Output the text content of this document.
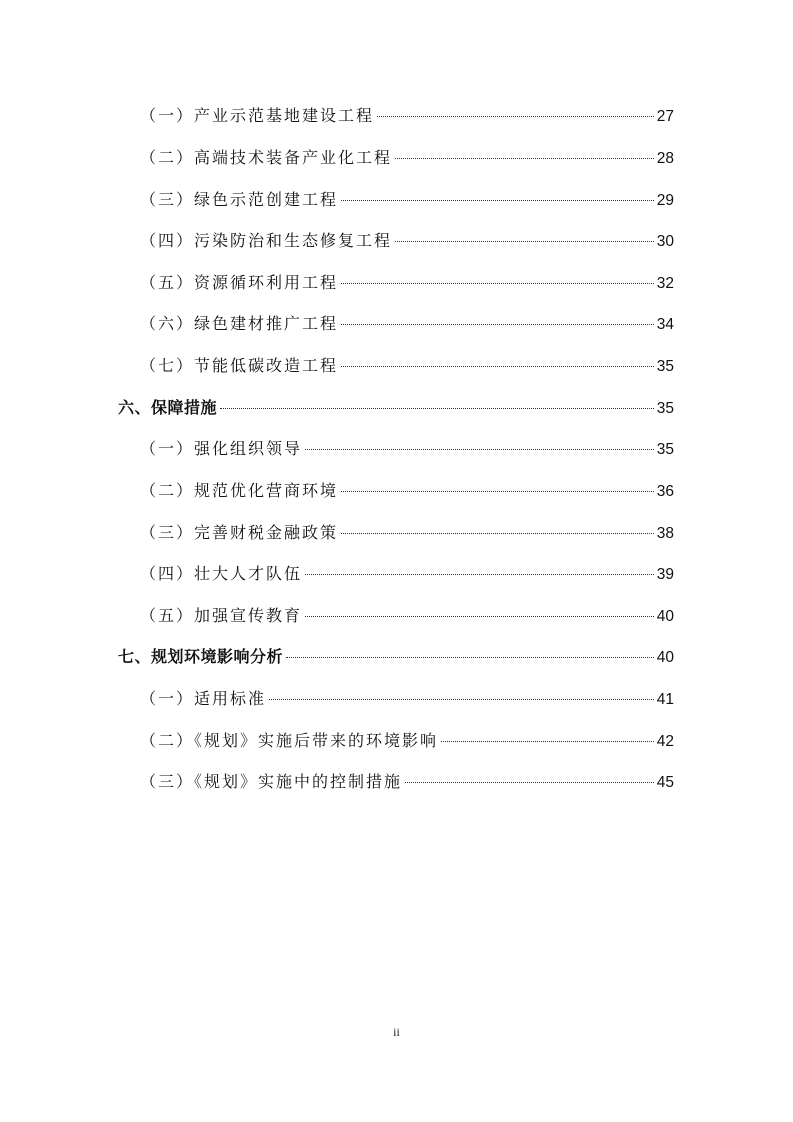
（一）产业示范基地建设工程	27
（二）高端技术装备产业化工程	28
（三）绿色示范创建工程	29
（四）污染防治和生态修复工程	30
（五）资源循环利用工程	32
（六）绿色建材推广工程	34
（七）节能低碳改造工程	35
六、保障措施	35
（一）强化组织领导	35
（二）规范优化营商环境	36
（三）完善财税金融政策	38
（四）壮大人才队伍	39
（五）加强宣传教育	40
七、规划环境影响分析	40
（一）适用标准	41
（二）《规划》实施后带来的环境影响	42
（三）《规划》实施中的控制措施	45
ii
